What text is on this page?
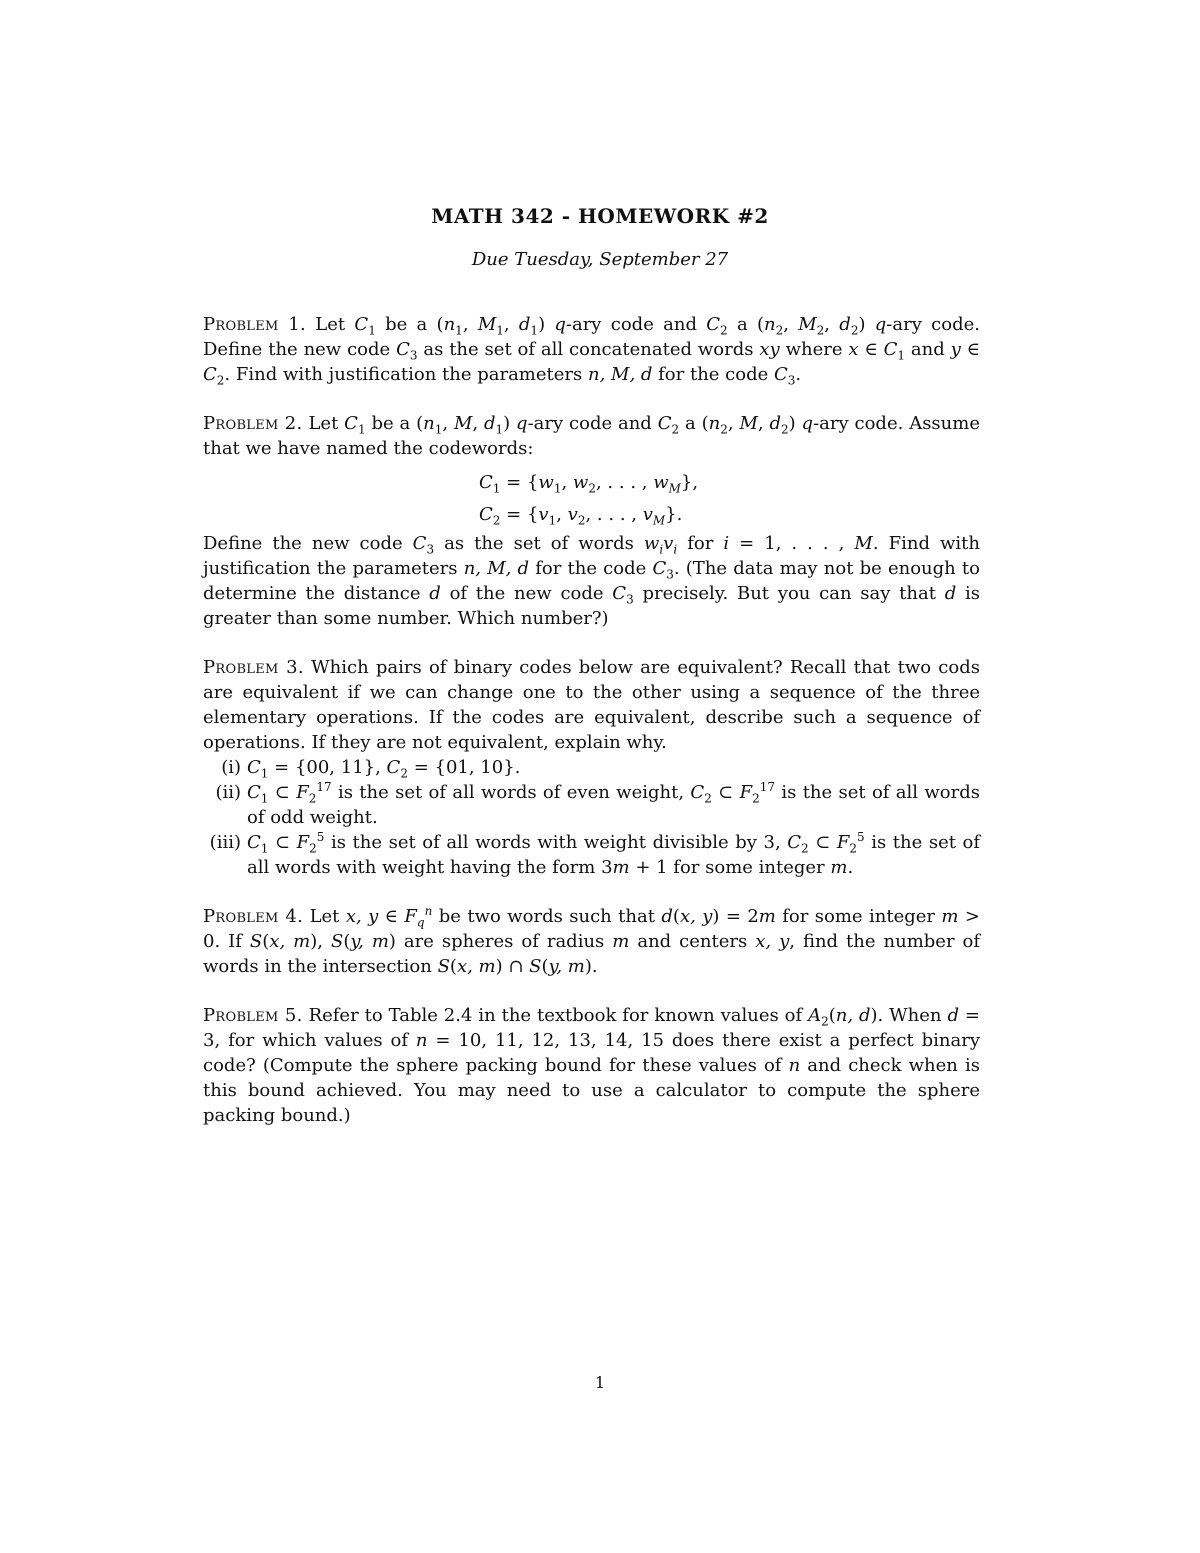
MATH 342 - HOMEWORK #2
Due Tuesday, September 27
Problem 1. Let $C_1$ be a ($n_1$, $M_1$, $d_1$) q-ary code and $C_2$ a ($n_2$, $M_2$, $d_2$) q-ary code. Define the new code $C_3$ as the set of all concatenated words xy where x ∈ $C_1$ and y ∈ $C_2$. Find with justification the parameters n, M, d for the code $C_3$.
Problem 2. Let $C_1$ be a ($n_1$, M, $d_1$) q-ary code and $C_2$ a ($n_2$, M, $d_2$) q-ary code. Assume that we have named the codewords:
$C_1 = \{w_1$, $w_2$, . . . , $w_M$},
$C_2 = \{v_1$, $v_2$, . . . , $v_M$}.
Define the new code $C_3$ as the set of words $w_iv_i$ for i = 1, . . . , M. Find with justification the parameters n, M, d for the code $C_3$. (The data may not be enough to determine the distance d of the new code $C_3$ precisely. But you can say that d is greater than some number. Which number?)
Problem 3. Which pairs of binary codes below are equivalent? Recall that two cods are equivalent if we can change one to the other using a sequence of the three elementary operations. If the codes are equivalent, describe such a sequence of operations. If they are not equivalent, explain why.
(i) $C_1 = \{00$, 11}, $C_2 = \{01$, 10}.
(ii) $C_1$ ⊂ $F_2^{17}$ is the set of all words of even weight, $C_2$ ⊂ $F_2^{17}$ is the set of all words of odd weight.
(iii) $C_1$ ⊂ $F_2^5$ is the set of all words with weight divisible by 3, $C_2$ ⊂ $F_2^5$ is the set of all words with weight having the form 3m + 1 for some integer m.
Problem 4. Let x, y ∈ $F_q^n$ be two words such that d(x, y) = 2m for some integer m > 0. If S(x, m), S(y, m) are spheres of radius m and centers x, y, find the number of words in the intersection S(x, m) ∩ S(y, m).
Problem 5. Refer to Table 2.4 in the textbook for known values of $A_2(n$, d). When d = 3, for which values of n = 10, 11, 12, 13, 14, 15 does there exist a perfect binary code? (Compute the sphere packing bound for these values of n and check when is this bound achieved. You may need to use a calculator to compute the sphere packing bound.)
1
